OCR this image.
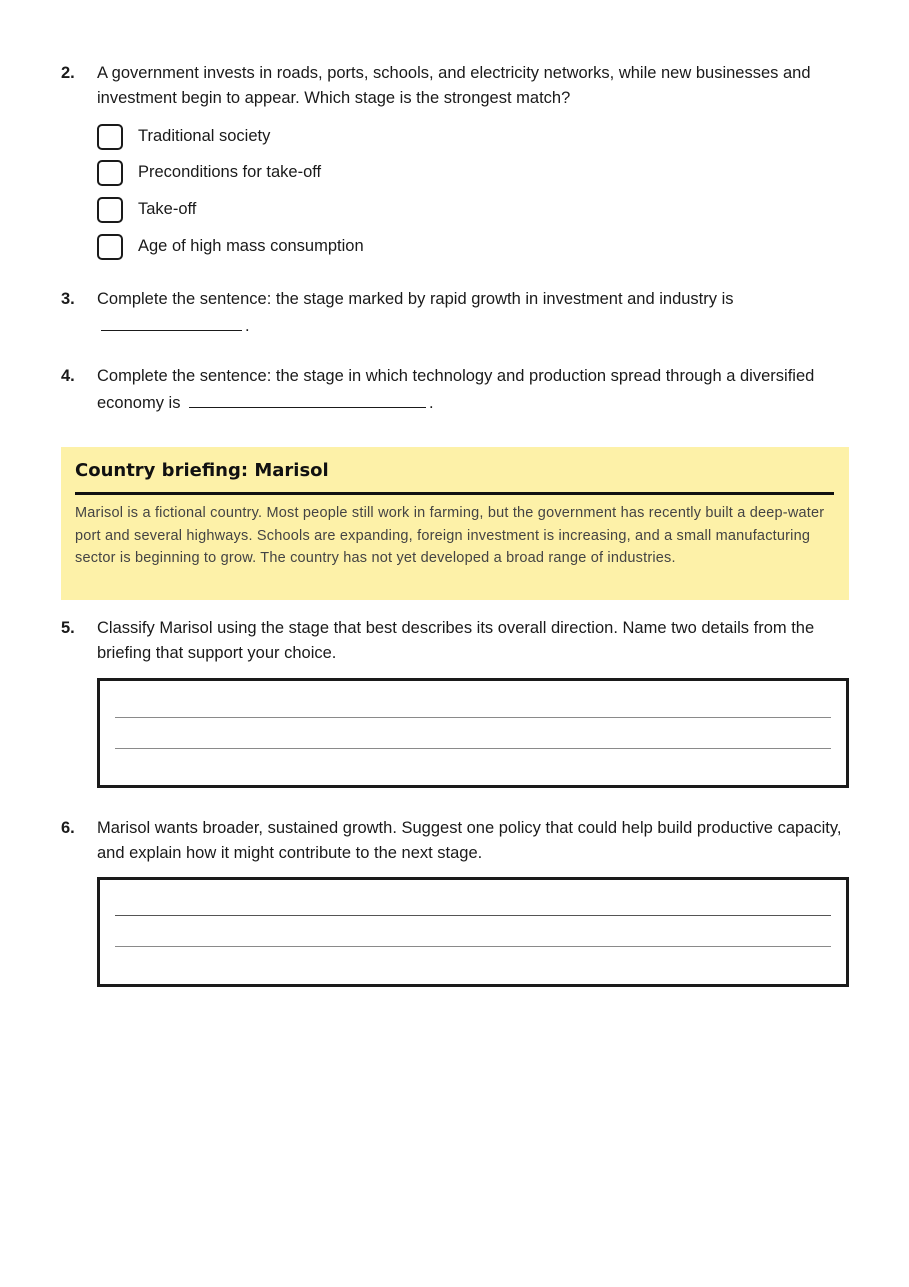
2. A government invests in roads, ports, schools, and electricity networks, while new businesses and investment begin to appear. Which stage is the strongest match?
Traditional society
Preconditions for take-off
Take-off
Age of high mass consumption
3. Complete the sentence: the stage marked by rapid growth in investment and industry is
.
4. Complete the sentence: the stage in which technology and production spread through a diversified economy is	.
Country briefing: Marisol
Marisol is a fictional country. Most people still work in farming, but the government has recently built a deep-water port and several highways. Schools are expanding, foreign investment is increasing, and a small manufacturing sector is beginning to grow. The country has not yet developed a broad range of industries.
5. Classify Marisol using the stage that best describes its overall direction. Name two details from the briefing that support your choice.
6. Marisol wants broader, sustained growth. Suggest one policy that could help build productive capacity, and explain how it might contribute to the next stage.
